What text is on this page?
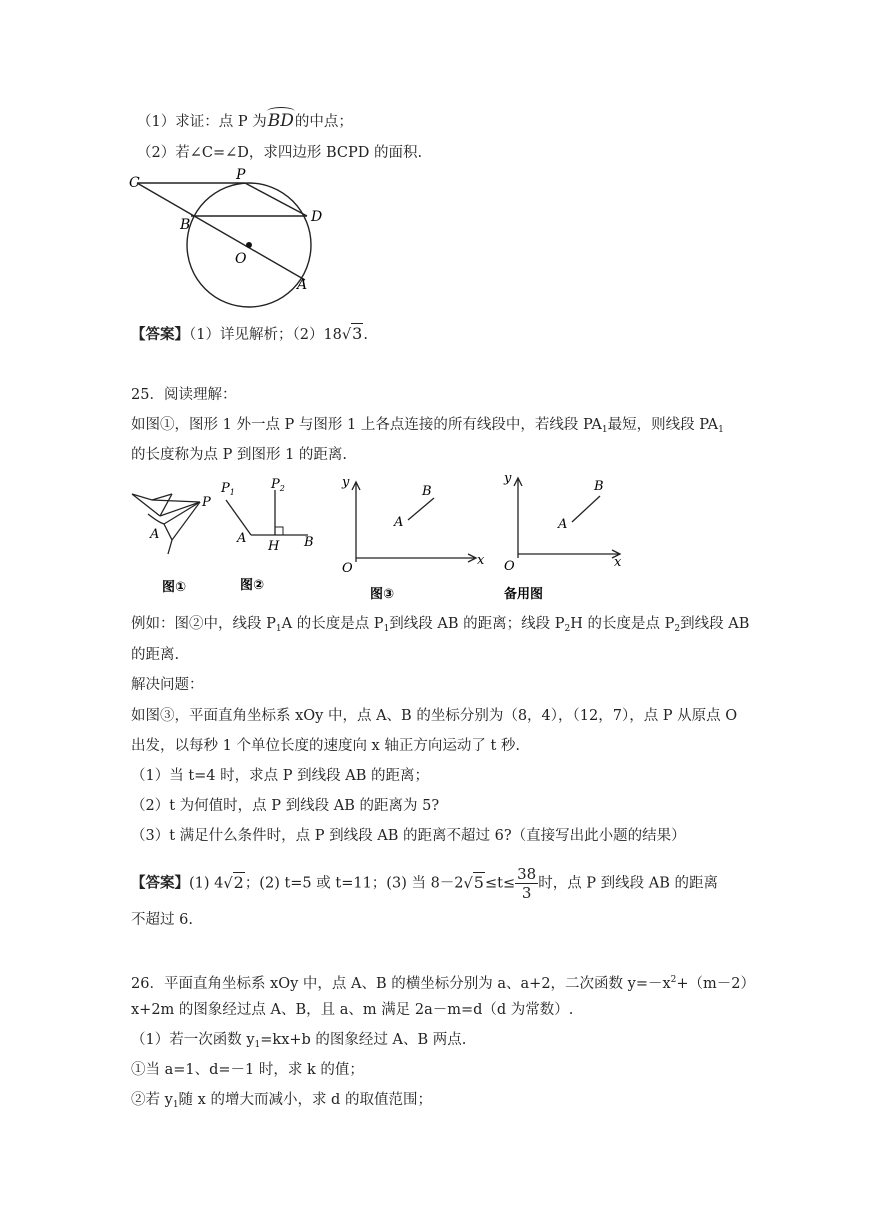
（1）求证：点 P 为
BD的中点；
（2）若∠C=∠D，求四边形 BCPD 的面积.
C	P
B	D
O
A
【答案】（1）详见解析；（2）18√3.
25．阅读理解：
如图①，图形 1 外一点 P 与图形 1 上各点连接的所有线段中，若线段 $PA_1$最短，则线段 $PA_1$
的长度称为点 P 到图形 1 的距离.
P
A
图①
$P_1$
$P_2$
A
H B
图②
y
x
O
A
B
图③
y
x
O
A
B
备用图
例如：图②中，线段 $P_1A$ 的长度是点 $P_1$到线段 AB 的距离；线段 $P_2H$ 的长度是点 $P_2$到线段 AB
的距离.
解决问题：
如图③，平面直角坐标系 xOy 中，点 A、B 的坐标分别为（8，4），（12，7），点 P 从原点 O
出发，以每秒 1 个单位长度的速度向 x 轴正方向运动了 t 秒.
（1）当 t=4 时，求点 P 到线段 AB 的距离；
（2）t 为何值时，点 P 到线段 AB 的距离为 5?
（3）t 满足什么条件时，点 P 到线段 AB 的距离不超过 6?（直接写出此小题的结果）
【答案】(1) 4√2；(2) t=5 或 t=11；(3) 当 $8-2√5\le t\le \frac{38}{3}$ 时，点 P 到线段 AB 的距离
不超过 6.
26．平面直角坐标系 xOy 中，点 A、B 的横坐标分别为 a、a+2，二次函数 $y=-x^2+(m-2)$
x+2m 的图象经过点 A、B，且 a、m 满足 2a－m=d（d 为常数）.
（1）若一次函数 $y_1=kx+b$ 的图象经过 A、B 两点.
①当 a=1、d=－1 时，求 k 的值；
②若 $y_1$随 x 的增大而减小，求 d 的取值范围；
